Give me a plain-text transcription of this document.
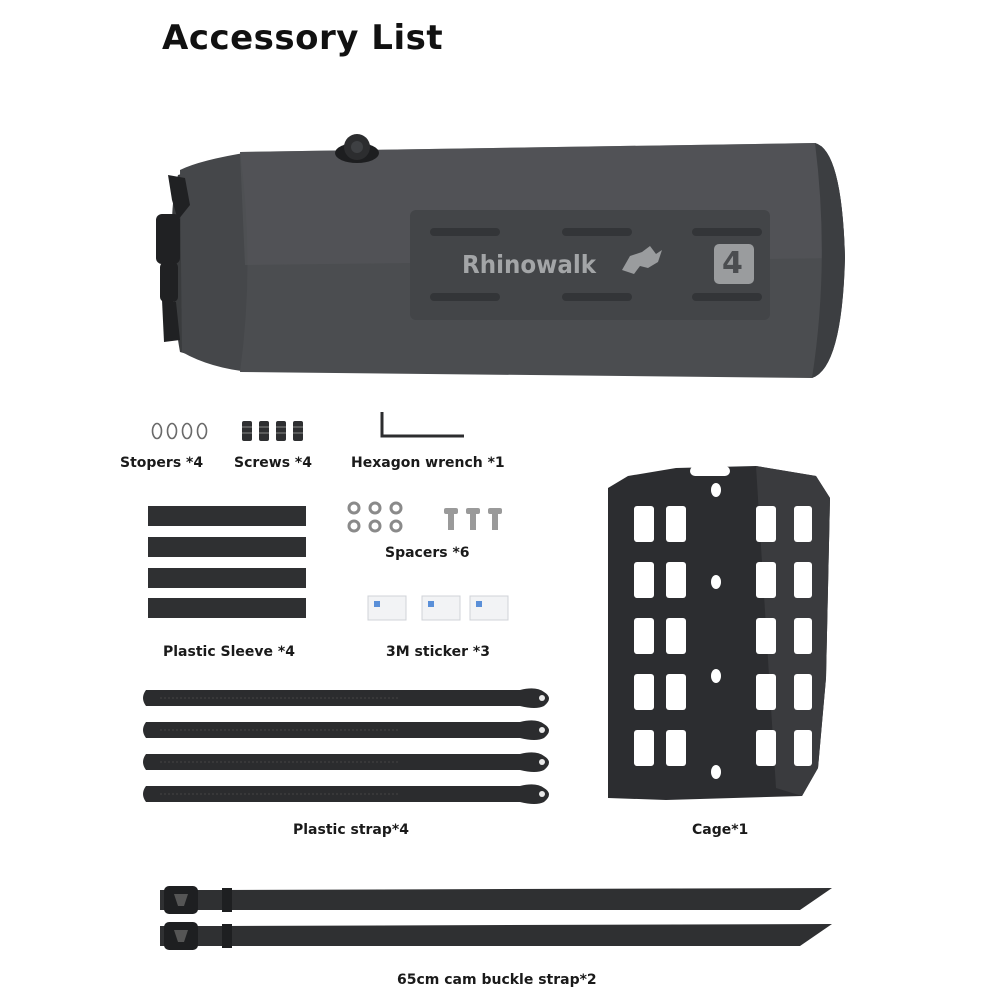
Accessory List
Rhinowalk	4
Stopers *4 Screws *4	Hexagon wrench *1
Plastic Sleeve *4
Spacers *6
3M sticker *3
Plastic strap*4	Cage*1
65cm cam buckle strap*2
